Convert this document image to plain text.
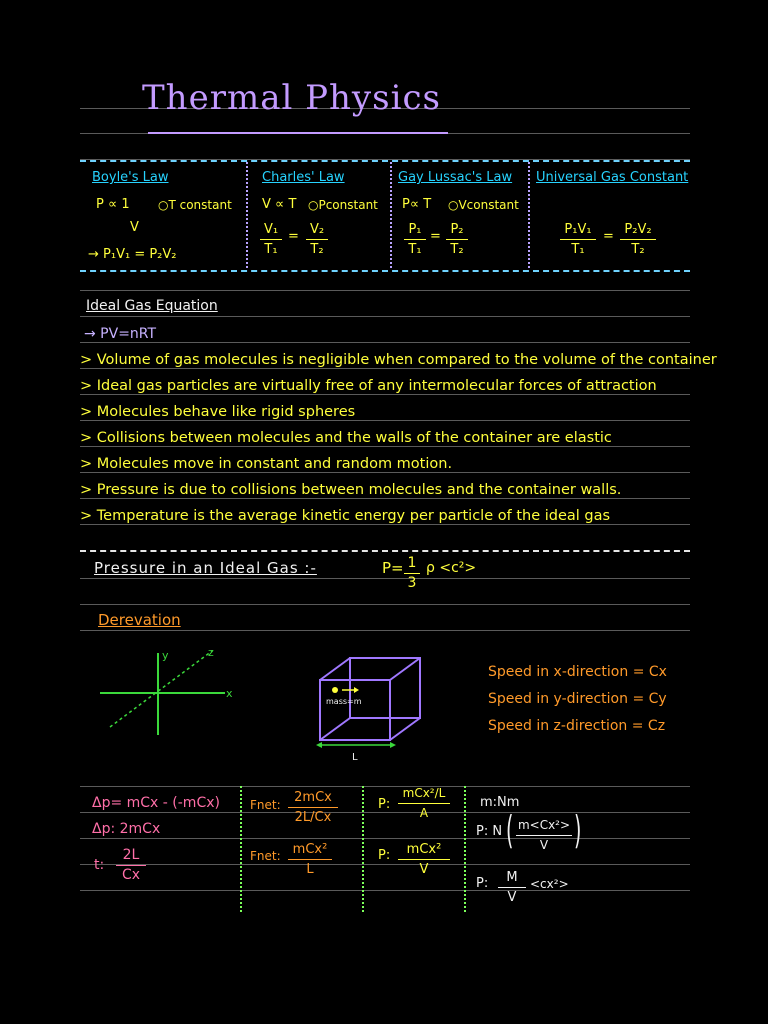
Thermal Physics
Boyle's Law
P ∝ 1 ○T constant
V
→ P₁V₁ = P₂V₂
Charles' Law
V ∝ T ○Pconstant
V₁
T₁
= V₂
T₂
Gay Lussac's Law
P∝ T ○Vconstant
P₁
T₁
= P₂
T₂
Universal Gas Constant
P₁V₁
T₁
= P₂V₂
T₂
Ideal Gas Equation
→ PV=nRT
> Volume of gas molecules is negligible when compared to the volume of the container
> Ideal gas particles are virtually free of any intermolecular forces of attraction
> Molecules behave like rigid spheres
> Collisions between molecules and the walls of the container are elastic
> Molecules move in constant and random motion.
> Pressure is due to collisions between molecules and the container walls.
> Temperature is the average kinetic energy per particle of the ideal gas
Pressure in an Ideal Gas :-	P= 1
3
ρ <c²>
Derevation
y
x
z
mass=m
L
Speed in x-direction = Cx
Speed in y-direction = Cy
Speed in z-direction = Cz
Δp= mCx - (-mCx)
Δp: 2mCx
t:
2L
Cx
Fnet:	2mCx
2L/Cx
Fnet: mCx²
L
P:
mCx²/L
A
P:	mCx²
V
m:Nm
P: N ( m<Cx²>
V )
P:	M
V
<cx²>
